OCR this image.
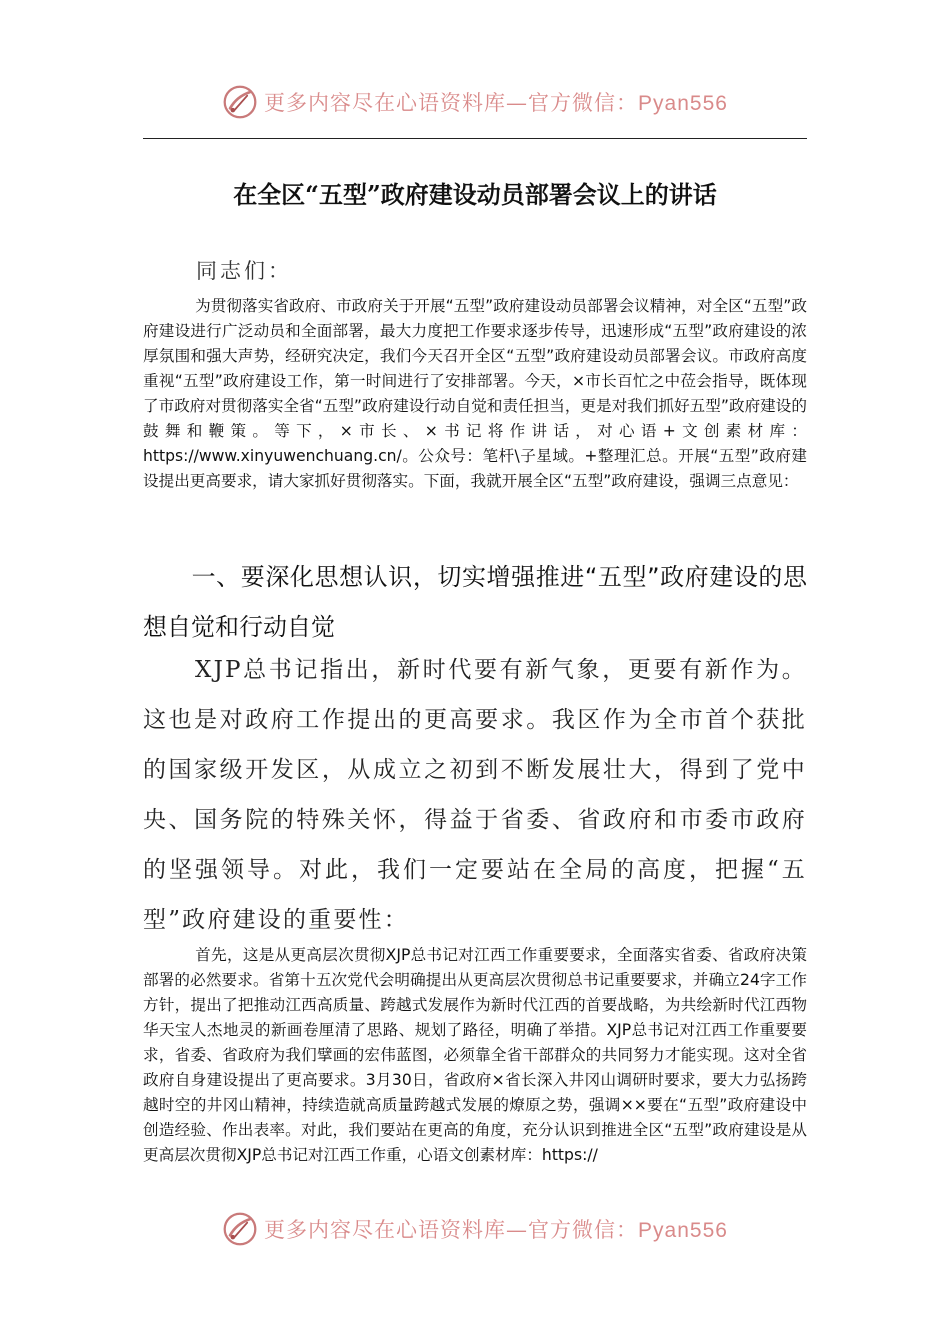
更多内容尽在心语资料库—官方微信：Pyan556
在全区“五型”政府建设动员部署会议上的讲话
同志们：
为贯彻落实省政府、市政府关于开展“五型”政府建设动员部署会议精神，对全区“五型”政府建设进行广泛动员和全面部署，最大力度把工作要求逐步传导，迅速形成“五型”政府建设的浓厚氛围和强大声势，经研究决定，我们今天召开全区“五型”政府建设动员部署会议。市政府高度重视“五型”政府建设工作，第一时间进行了安排部署。今天，×市长百忙之中莅会指导，既体现了市政府对贯彻落实全省“五型”政府建设行动自觉和责任担当，更是对我们抓好五型”政府建设的鼓舞和鞭策。等下，×市长、×书记将作讲话，对心语+文创素材库：https://www.xinyuwenchuang.cn/。公众号：笔杆\子星域。+整理汇总。开展“五型”政府建设提出更高要求，请大家抓好贯彻落实。下面，我就开展全区“五型”政府建设，强调三点意见：
一、要深化思想认识，切实增强推进“五型”政府建设的思想自觉和行动自觉
XJP总书记指出，新时代要有新气象，更要有新作为。这也是对政府工作提出的更高要求。我区作为全市首个获批的国家级开发区，从成立之初到不断发展壮大，得到了党中央、国务院的特殊关怀，得益于省委、省政府和市委市政府的坚强领导。对此，我们一定要站在全局的高度，把握“五型”政府建设的重要性：
首先，这是从更高层次贯彻XJP总书记对江西工作重要要求，全面落实省委、省政府决策部署的必然要求。省第十五次党代会明确提出从更高层次贯彻总书记重要要求，并确立24字工作方针，提出了把推动江西高质量、跨越式发展作为新时代江西的首要战略，为共绘新时代江西物华天宝人杰地灵的新画卷厘清了思路、规划了路径，明确了举措。XJP总书记对江西工作重要要求，省委、省政府为我们擘画的宏伟蓝图，必须靠全省干部群众的共同努力才能实现。这对全省政府自身建设提出了更高要求。3月30日，省政府×省长深入井冈山调研时要求，要大力弘扬跨越时空的井冈山精神，持续造就高质量跨越式发展的燎原之势，强调××要在“五型”政府建设中创造经验、作出表率。对此，我们要站在更高的角度，充分认识到推进全区“五型”政府建设是从更高层次贯彻XJP总书记对江西工作重，心语文创素材库：https://
更多内容尽在心语资料库—官方微信：Pyan556
